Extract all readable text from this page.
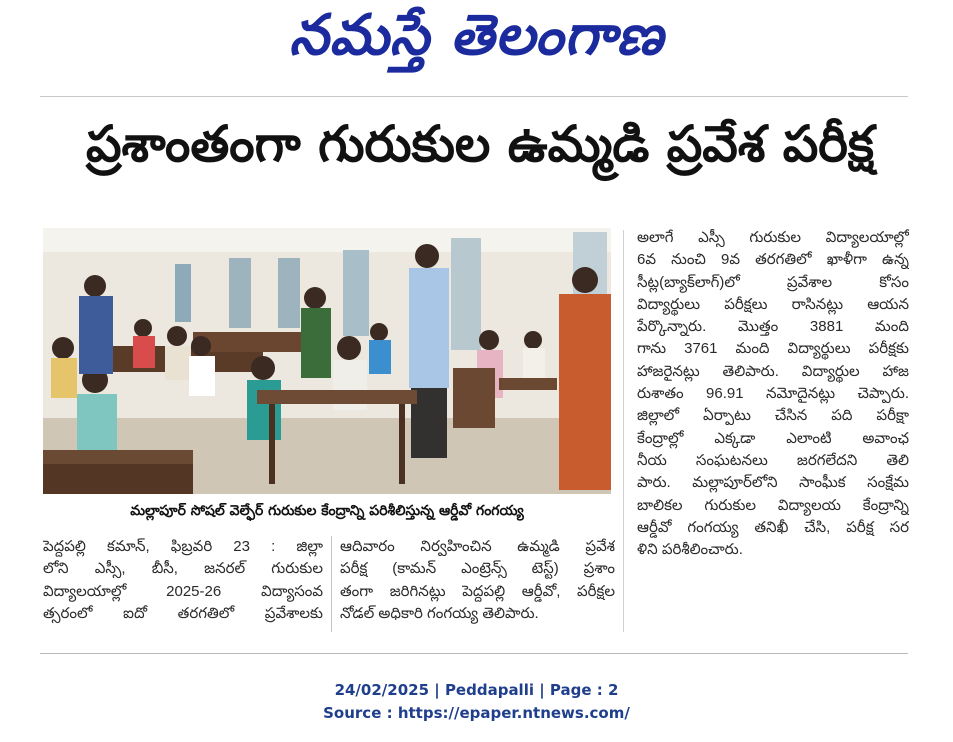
నమస్తే తెలంగాణ
ప్రశాంతంగా గురుకుల ఉమ్మడి ప్రవేశ పరీక్ష
మల్లాపూర్ సోషల్ వెల్ఫేర్ గురుకుల కేంద్రాన్ని పరిశీలిస్తున్న ఆర్డీవో గంగయ్య
అలాగే ఎస్సీ గురుకుల విద్యాలయాల్లో
6వ నుంచి 9వ తరగతిలో ఖాళీగా ఉన్న
సీట్ల(బ్యాక్‌లాగ్)లో ప్రవేశాల కోసం
విద్యార్థులు పరీక్షలు రాసినట్లు ఆయన
పేర్కొన్నారు. మొత్తం 3881 మంది
గాను 3761 మంది విద్యార్థులు పరీక్షకు
హాజరైనట్లు తెలిపారు. విద్యార్థుల హాజ
రుశాతం 96.91 నమోదైనట్లు చెప్పారు.
జిల్లాలో ఏర్పాటు చేసిన పది పరీక్షా
కేంద్రాల్లో ఎక్కడా ఎలాంటి అవాంఛ
నీయ సంఘటనలు జరగలేదని తెలి
పారు. మల్లాపూర్‌లోని సాంఘీక సంక్షేమ
బాలికల గురుకుల విద్యాలయ కేంద్రాన్ని
ఆర్డీవో గంగయ్య తనిఖీ చేసి, పరీక్ష సర
ళిని పరిశీలించారు.
పెద్దపల్లి కమాన్, ఫిబ్రవరి 23 : జిల్లా
లోని ఎస్సీ, బీసీ, జనరల్ గురుకుల
విద్యాలయాల్లో 2025-26 విద్యాసంవ
త్సరంలో ఐదో తరగతిలో ప్రవేశాలకు
ఆదివారం నిర్వహించిన ఉమ్మడి ప్రవేశ
పరీక్ష (కామన్ ఎంట్రెన్స్ టెస్ట్) ప్రశాం
తంగా జరిగినట్లు పెద్దపల్లి ఆర్డీవో, పరీక్షల
నోడల్ అధికారి గంగయ్య తెలిపారు.
24/02/2025 | Peddapalli | Page : 2
Source : https://epaper.ntnews.com/
